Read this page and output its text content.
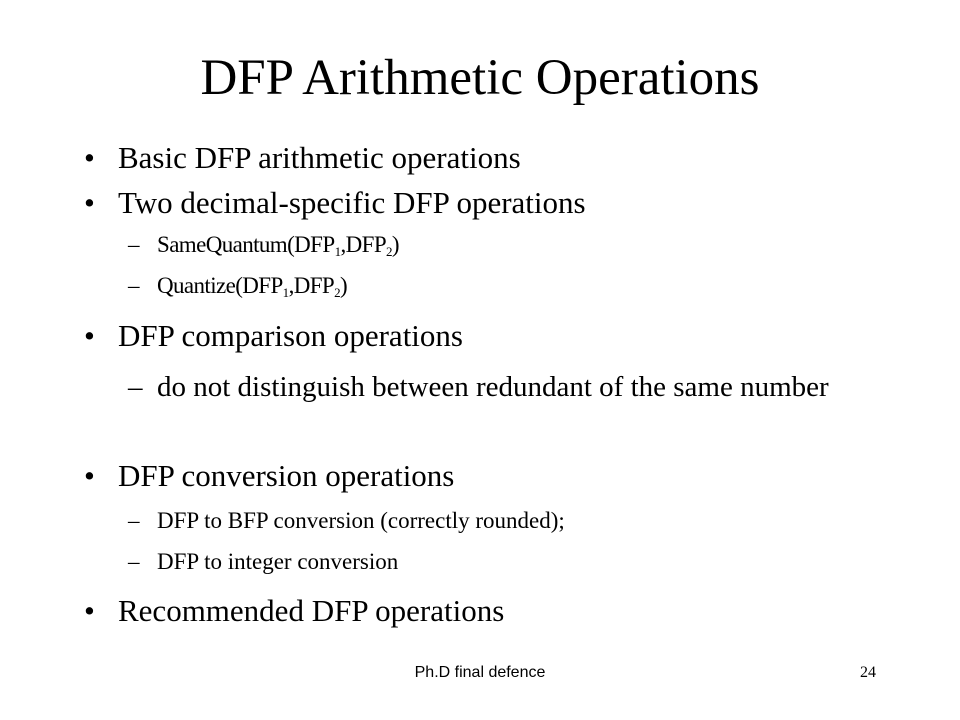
DFP Arithmetic Operations
• Basic DFP arithmetic operations
• Two decimal-specific DFP operations
– $SameQuantum(DFP_1,DFP_2)$
– $Quantize(DFP_1,DFP_2)$
• DFP comparison operations
– do not distinguish between redundant of the same number
• DFP conversion operations
– DFP to BFP conversion (correctly rounded);
– DFP to integer conversion
• Recommended DFP operations
Ph.D final defence	24
